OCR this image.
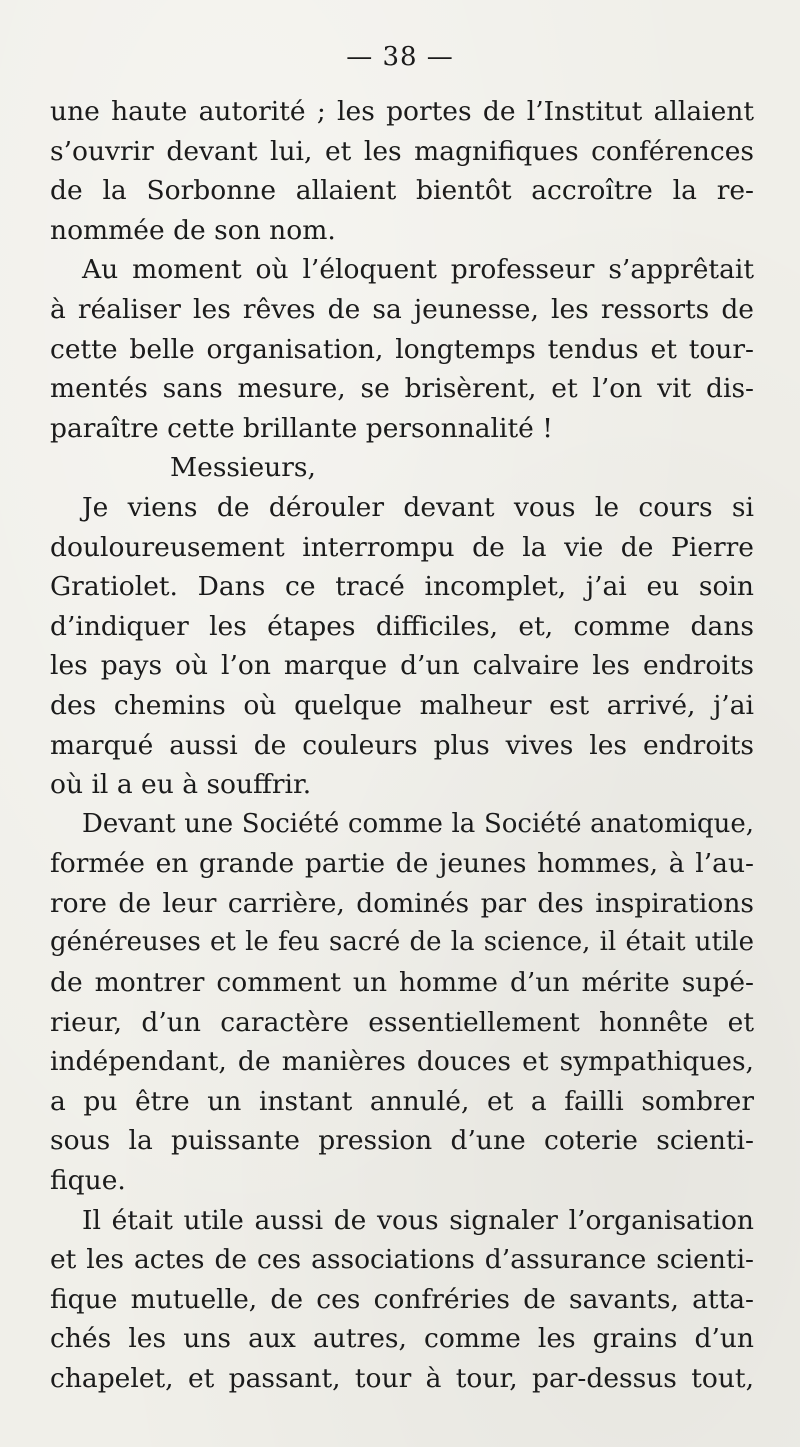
— 38 —
une haute autorité ; les portes de l’Institut allaient
s’ouvrir devant lui, et les magnifiques conférences
de la Sorbonne allaient bientôt accroître la re-
nommée de son nom.
Au moment où l’éloquent professeur s’apprêtait
à réaliser les rêves de sa jeunesse, les ressorts de
cette belle organisation, longtemps tendus et tour-
mentés sans mesure, se brisèrent, et l’on vit dis-
paraître cette brillante personnalité !
Messieurs,
Je viens de dérouler devant vous le cours si
douloureusement interrompu de la vie de Pierre
Gratiolet. Dans ce tracé incomplet, j’ai eu soin
d’indiquer les étapes difficiles, et, comme dans
les pays où l’on marque d’un calvaire les endroits
des chemins où quelque malheur est arrivé, j’ai
marqué aussi de couleurs plus vives les endroits
où il a eu à souffrir.
Devant une Société comme la Société anatomique,
formée en grande partie de jeunes hommes, à l’au-
rore de leur carrière, dominés par des inspirations
généreuses et le feu sacré de la science, il était utile
de montrer comment un homme d’un mérite supé-
rieur, d’un caractère essentiellement honnête et
indépendant, de manières douces et sympathiques,
a pu être un instant annulé, et a failli sombrer
sous la puissante pression d’une coterie scienti-
fique.
Il était utile aussi de vous signaler l’organisation
et les actes de ces associations d’assurance scienti-
fique mutuelle, de ces confréries de savants, atta-
chés les uns aux autres, comme les grains d’un
chapelet, et passant, tour à tour, par-dessus tout,
